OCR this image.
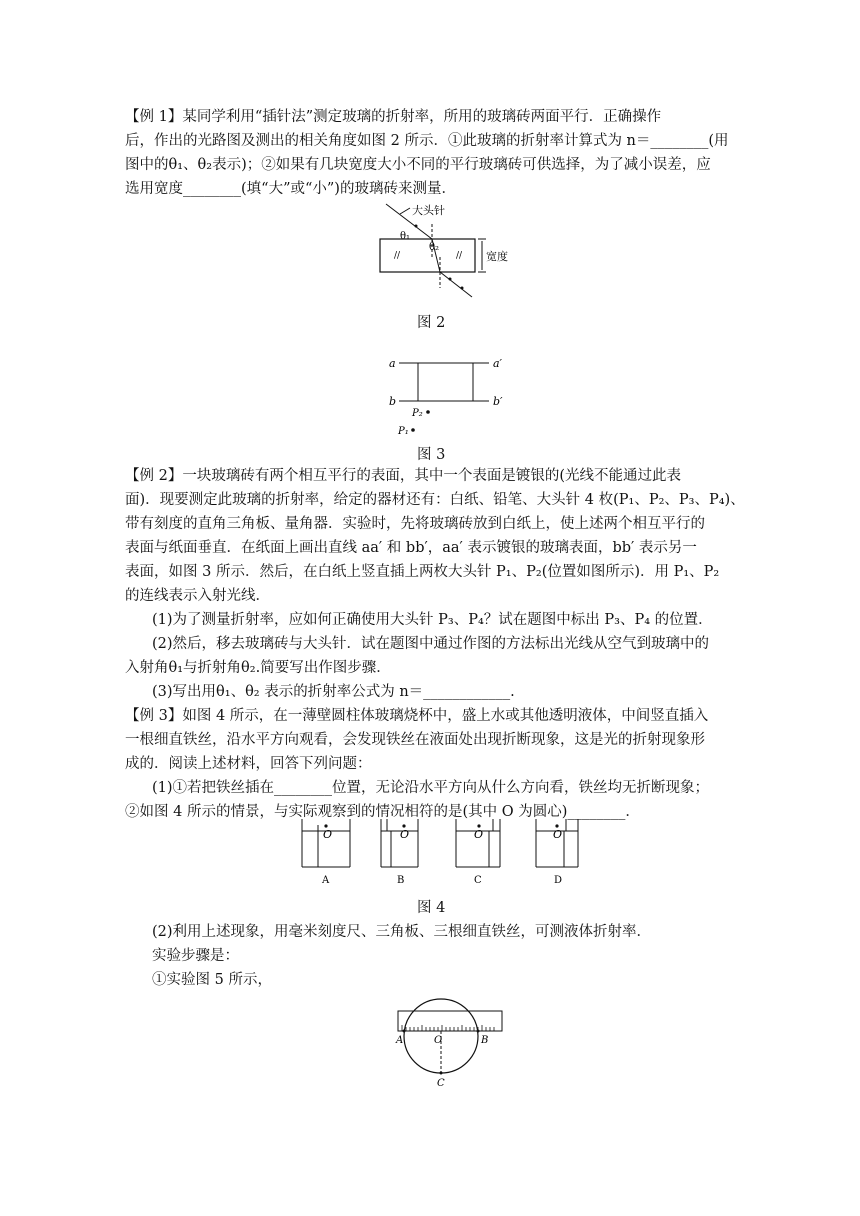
【例 1】某同学利用“插针法”测定玻璃的折射率，所用的玻璃砖两面平行．正确操作
后，作出的光路图及测出的相关角度如图 2 所示．①此玻璃的折射率计算式为 n＝________(用
图中的θ₁、θ₂表示)；②如果有几块宽度大小不同的平行玻璃砖可供选择，为了减小误差，应
选用宽度________(填“大”或“小”)的玻璃砖来测量．
//	//
大头针
θ₁
θ₂
宽度
图 2
a	a′
b	b′
P₂
P₁
图 3
【例 2】一块玻璃砖有两个相互平行的表面，其中一个表面是镀银的(光线不能通过此表
面)．现要测定此玻璃的折射率，给定的器材还有：白纸、铅笔、大头针 4 枚(P₁、P₂、P₃、P₄)、
带有刻度的直角三角板、量角器．实验时，先将玻璃砖放到白纸上，使上述两个相互平行的
表面与纸面垂直．在纸面上画出直线 aa′ 和 bb′，aa′ 表示镀银的玻璃表面，bb′ 表示另一
表面，如图 3 所示．然后，在白纸上竖直插上两枚大头针 P₁、P₂(位置如图所示)．用 P₁、P₂
的连线表示入射光线．
(1)为了测量折射率，应如何正确使用大头针 P₃、P₄？试在题图中标出 P₃、P₄ 的位置．
(2)然后，移去玻璃砖与大头针．试在题图中通过作图的方法标出光线从空气到玻璃中的
入射角θ₁与折射角θ₂.简要写出作图步骤．
(3)写出用θ₁、θ₂ 表示的折射率公式为 n＝____________.
【例 3】如图 4 所示，在一薄壁圆柱体玻璃烧杯中，盛上水或其他透明液体，中间竖直插入
一根细直铁丝，沿水平方向观看，会发现铁丝在液面处出现折断现象，这是光的折射现象形
成的．阅读上述材料，回答下列问题：
(1)①若把铁丝插在________位置，无论沿水平方向从什么方向看，铁丝均无折断现象；
②如图 4 所示的情景，与实际观察到的情况相符的是(其中 O 为圆心)________．
O
A
O
B
O
C
O
D
图 4
(2)利用上述现象，用毫米刻度尺、三角板、三根细直铁丝，可测液体折射率．
实验步骤是：
①实验图 5 所示，
A	O	B
C
